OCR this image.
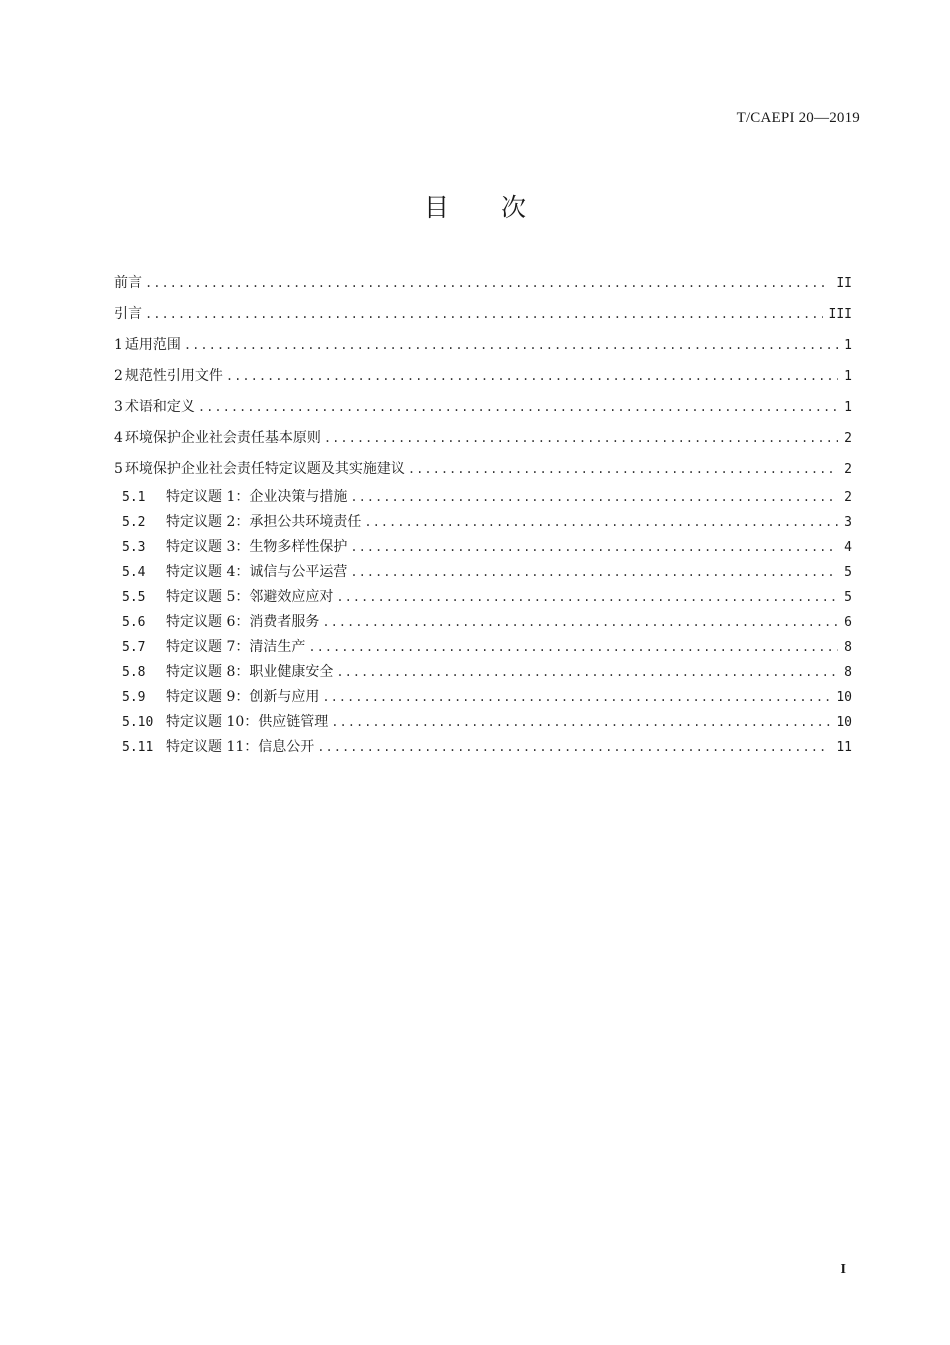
T/CAEPI 20—2019
目 次
前言 .....	II
引言 .....	III
1 适用范围 .....	1
2 规范性引用文件 .....	1
3 术语和定义 .....	1
4 环境保护企业社会责任基本原则 .....	2
5 环境保护企业社会责任特定议题及其实施建议 .....	2
5.1	特定议题 1：企业决策与措施 .....	2
5.2	特定议题 2：承担公共环境责任 .....	3
5.3	特定议题 3：生物多样性保护 .....	4
5.4	特定议题 4：诚信与公平运营 .....	5
5.5	特定议题 5：邻避效应应对 .....	5
5.6	特定议题 6：消费者服务 .....	6
5.7	特定议题 7：清洁生产 .....	8
5.8	特定议题 8：职业健康安全 .....	8
5.9	特定议题 9：创新与应用 .....	10
5.10 特定议题 10：供应链管理 .....	10
5.11 特定议题 11：信息公开 .....	11
I
